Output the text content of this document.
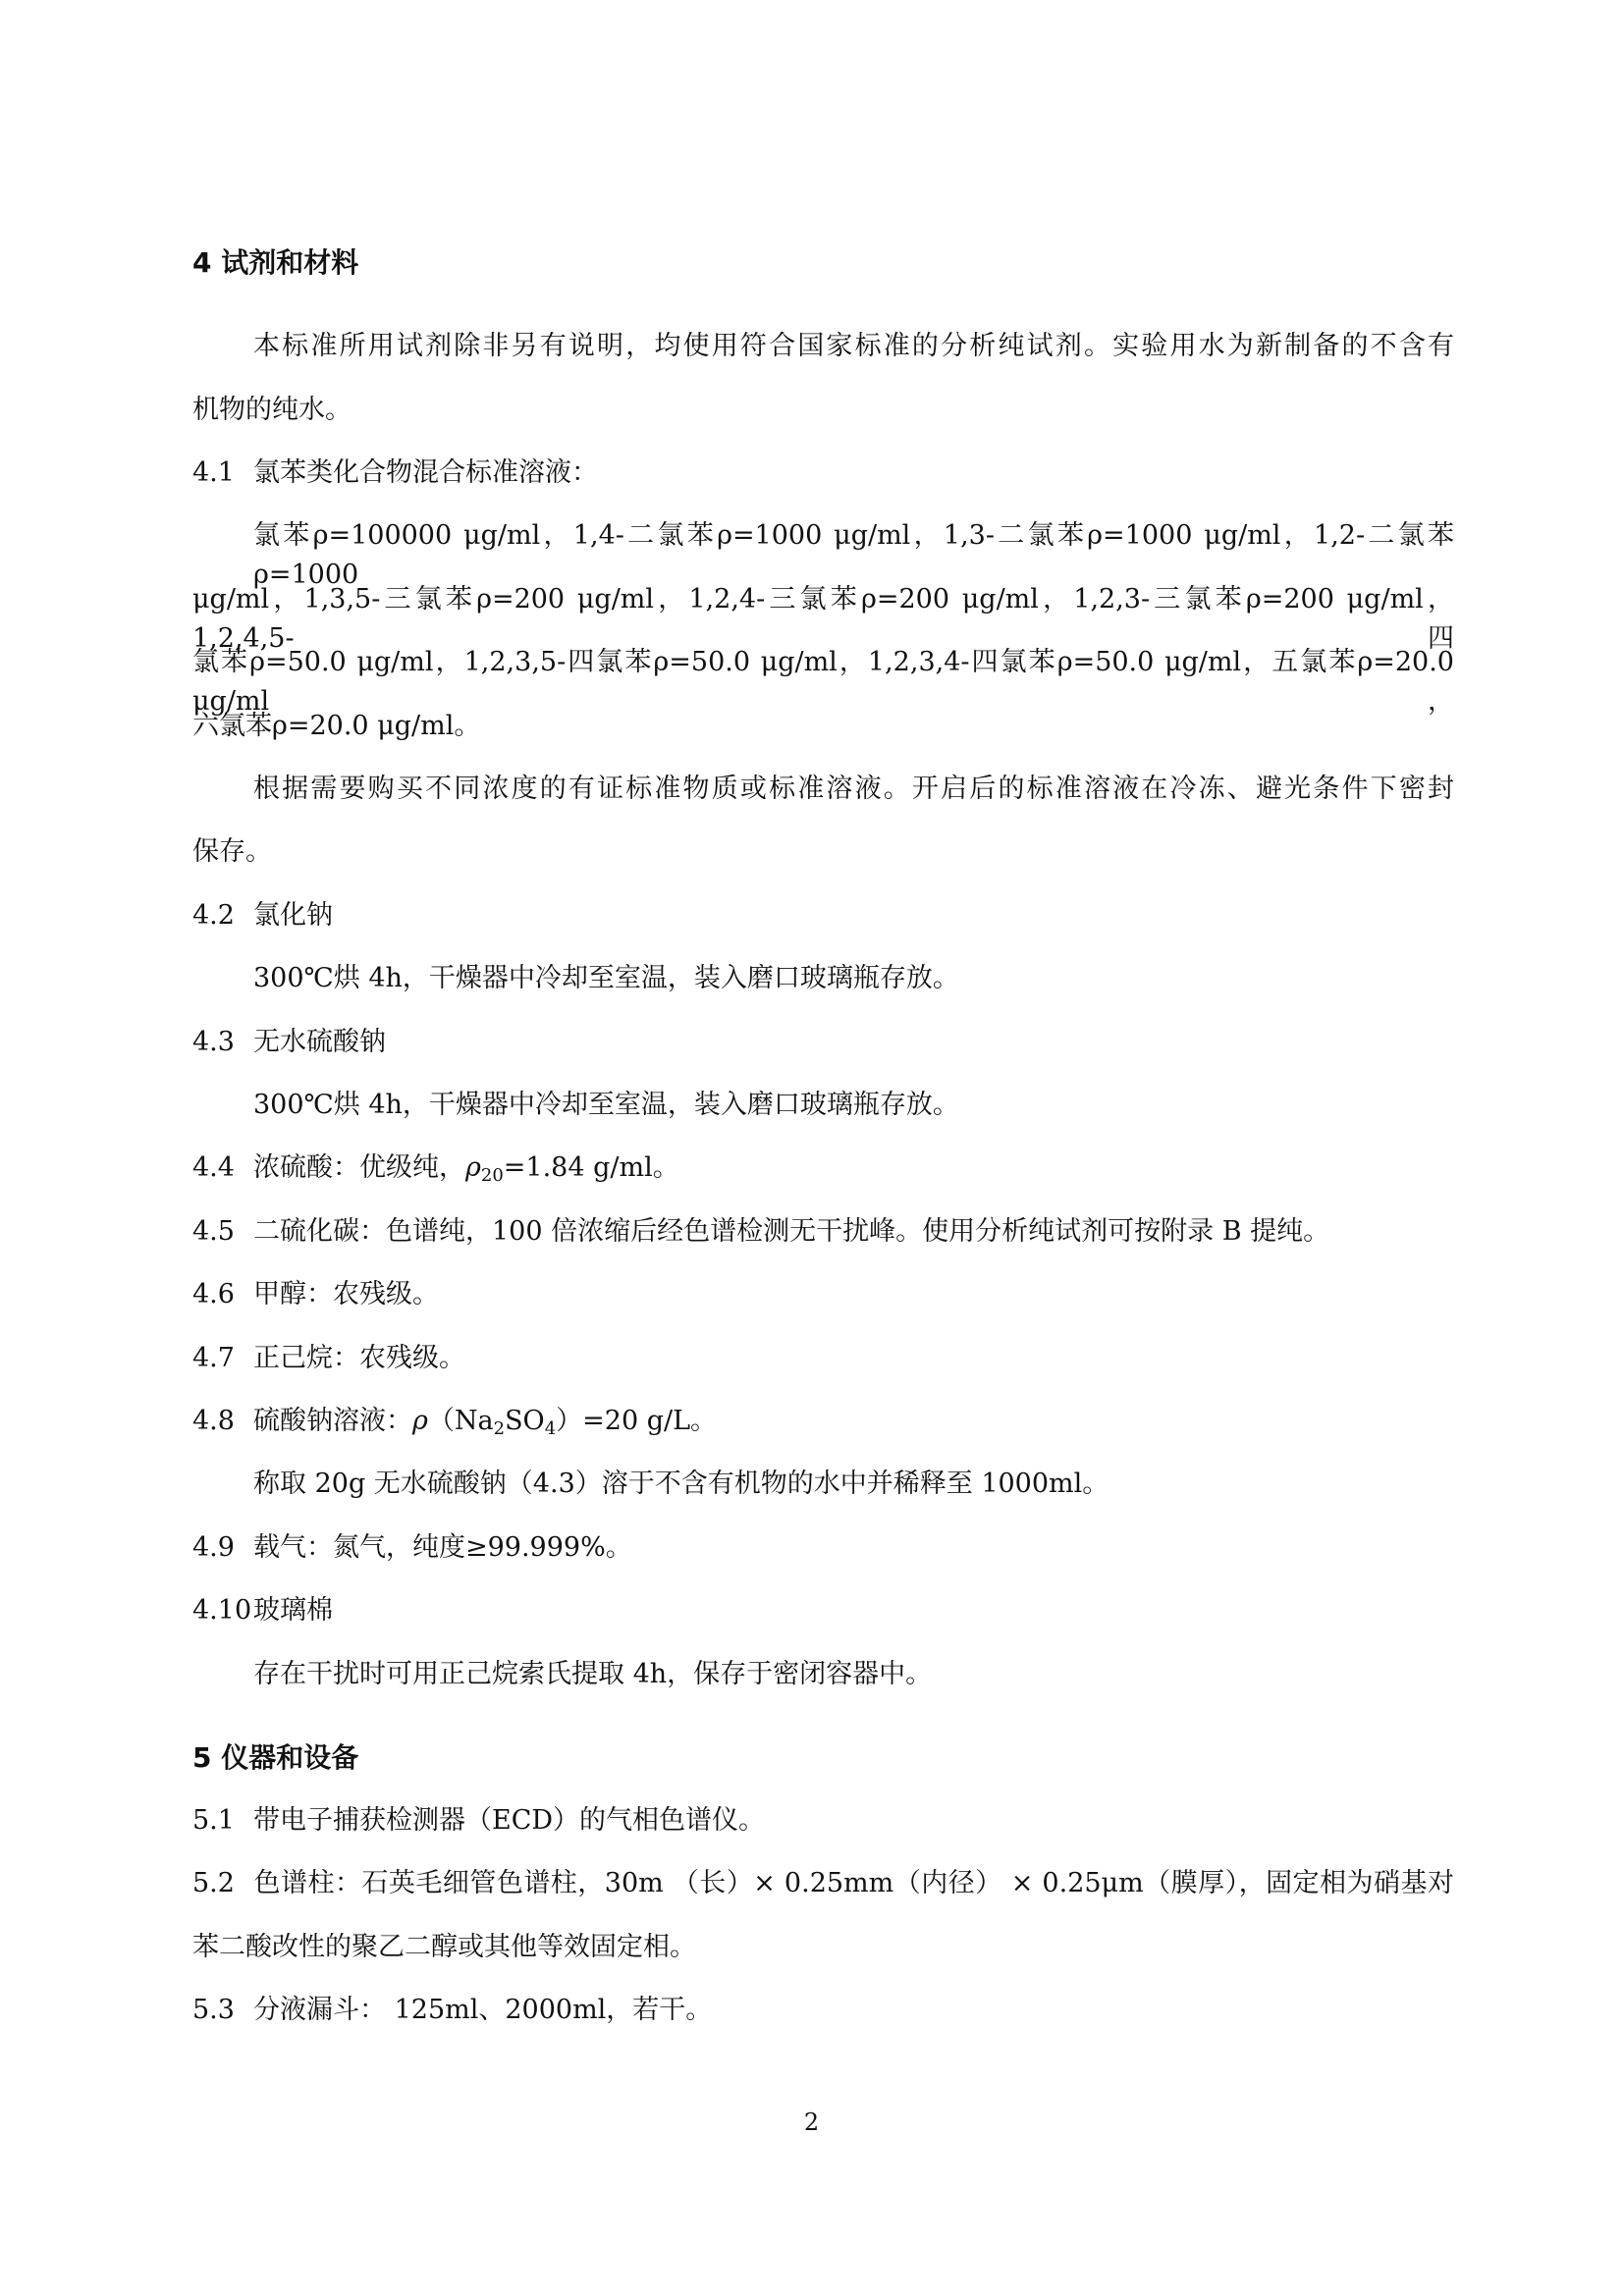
4 试剂和材料
本标准所用试剂除非另有说明，均使用符合国家标准的分析纯试剂。实验用水为新制备的不含有
机物的纯水。
4.1 氯苯类化合物混合标准溶液：
氯苯ρ=100000 μg/ml，1,4-二氯苯ρ=1000 μg/ml，1,3-二氯苯ρ=1000 μg/ml，1,2-二氯苯ρ=1000
μg/ml，1,3,5-三氯苯ρ=200 μg/ml，1,2,4-三氯苯ρ=200 μg/ml，1,2,3-三氯苯ρ=200 μg/ml，1,2,4,5-四
氯苯ρ=50.0 μg/ml，1,2,3,5-四氯苯ρ=50.0 μg/ml，1,2,3,4-四氯苯ρ=50.0 μg/ml，五氯苯ρ=20.0 μg/ml，
六氯苯ρ=20.0 μg/ml。
根据需要购买不同浓度的有证标准物质或标准溶液。开启后的标准溶液在冷冻、避光条件下密封
保存。
4.2 氯化钠
300℃烘 4h，干燥器中冷却至室温，装入磨口玻璃瓶存放。
4.3 无水硫酸钠
300℃烘 4h，干燥器中冷却至室温，装入磨口玻璃瓶存放。
4.4 浓硫酸：优级纯，$\rho_{20}=1.84$ g/ml。
4.5 二硫化碳：色谱纯，100 倍浓缩后经色谱检测无干扰峰。使用分析纯试剂可按附录 B 提纯。
4.6 甲醇：农残级。
4.7 正己烷：农残级。
4.8 硫酸钠溶液：$\rho(Na_2SO_4)=20$ g/L。
称取 20g 无水硫酸钠（4.3）溶于不含有机物的水中并稀释至 1000ml。
4.9 载气：氮气，纯度≥99.999%。
4.10玻璃棉
存在干扰时可用正己烷索氏提取 4h，保存于密闭容器中。
5 仪器和设备
5.1 带电子捕获检测器（ECD）的气相色谱仪。
5.2 色谱柱：石英毛细管色谱柱，30m （长）× 0.25mm（内径） × 0.25μm（膜厚），固定相为硝基对
苯二酸改性的聚乙二醇或其他等效固定相。
5.3 分液漏斗： 125ml、2000ml，若干。
2
